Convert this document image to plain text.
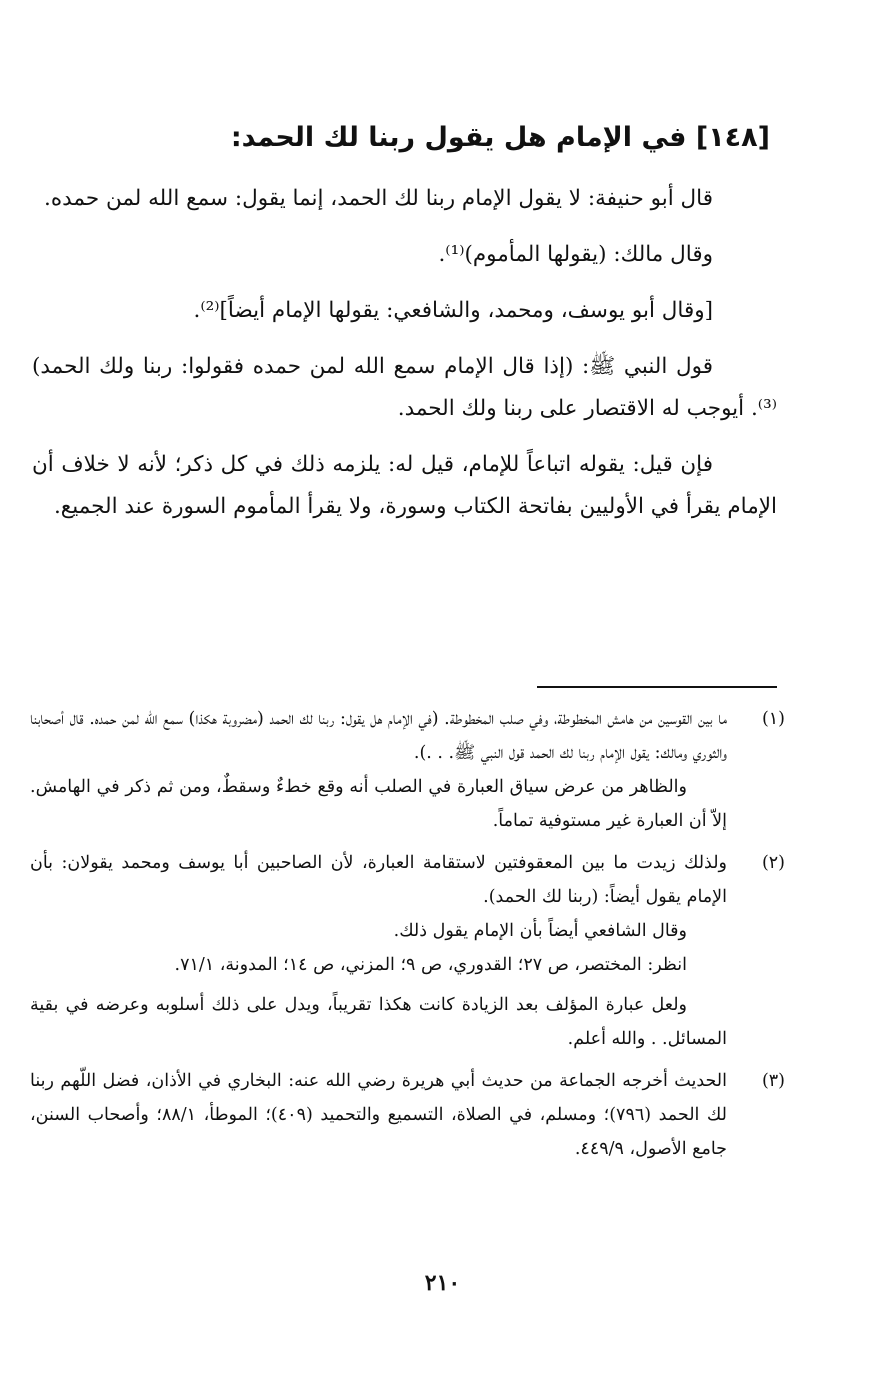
[١٤٨] في الإمام هل يقول ربنا لك الحمد:

قال أبو حنيفة: لا يقول الإمام ربنا لك الحمد، إنما يقول: سمع الله لمن حمده.

وقال مالك: (يقولها المأموم)⁽¹⁾.

[وقال أبو يوسف، ومحمد، والشافعي: يقولها الإمام أيضاً]⁽²⁾.

قول النبي ﷺ: (إذا قال الإمام سمع الله لمن حمده فقولوا: ربنا ولك الحمد)⁽³⁾. أيوجب له الاقتصار على ربنا ولك الحمد.

فإن قيل: يقوله اتباعاً للإمام، قيل له: يلزمه ذلك في كل ذكر؛ لأنه لا خلاف أن الإمام يقرأ في الأوليين بفاتحة الكتاب وسورة، ولا يقرأ المأموم السورة عند الجميع.

(١)

ما بين القوسين من هامش المخطوطة، وفي صلب المخطوطة. (في الإمام هل يقول: ربنا لك الحمد (مضروبة هكذا) سمع الله لمن حمده. قال أصحابنا والثوري ومالك: يقول الإمام ربنا لك الحمد قول النبي ﷺ. . .).

والظاهر من عرض سياق العبارة في الصلب أنه وقع خطءٌ وسقطٌ، ومن ثم ذكر في الهامش. إلاّ أن العبارة غير مستوفية تماماً.

(٢)

ولذلك زيدت ما بين المعقوفتين لاستقامة العبارة، لأن الصاحبين أبا يوسف ومحمد يقولان: بأن الإمام يقول أيضاً: (ربنا لك الحمد).

وقال الشافعي أيضاً بأن الإمام يقول ذلك.

انظر: المختصر، ص ٢٧؛ القدوري، ص ٩؛ المزني، ص ١٤؛ المدونة، ٧١/١.

ولعل عبارة المؤلف بعد الزيادة كانت هكذا تقريباً، ويدل على ذلك أسلوبه وعرضه في بقية المسائل. . والله أعلم.

(٣)

الحديث أخرجه الجماعة من حديث أبي هريرة رضي الله عنه: البخاري في الأذان، فضل اللّهم ربنا لك الحمد (٧٩٦)؛ ومسلم، في الصلاة، التسميع والتحميد (٤٠٩)؛ الموطأ، ٨٨/١؛ وأصحاب السنن، جامع الأصول، ٤٤٩/٩.

٢١٠
